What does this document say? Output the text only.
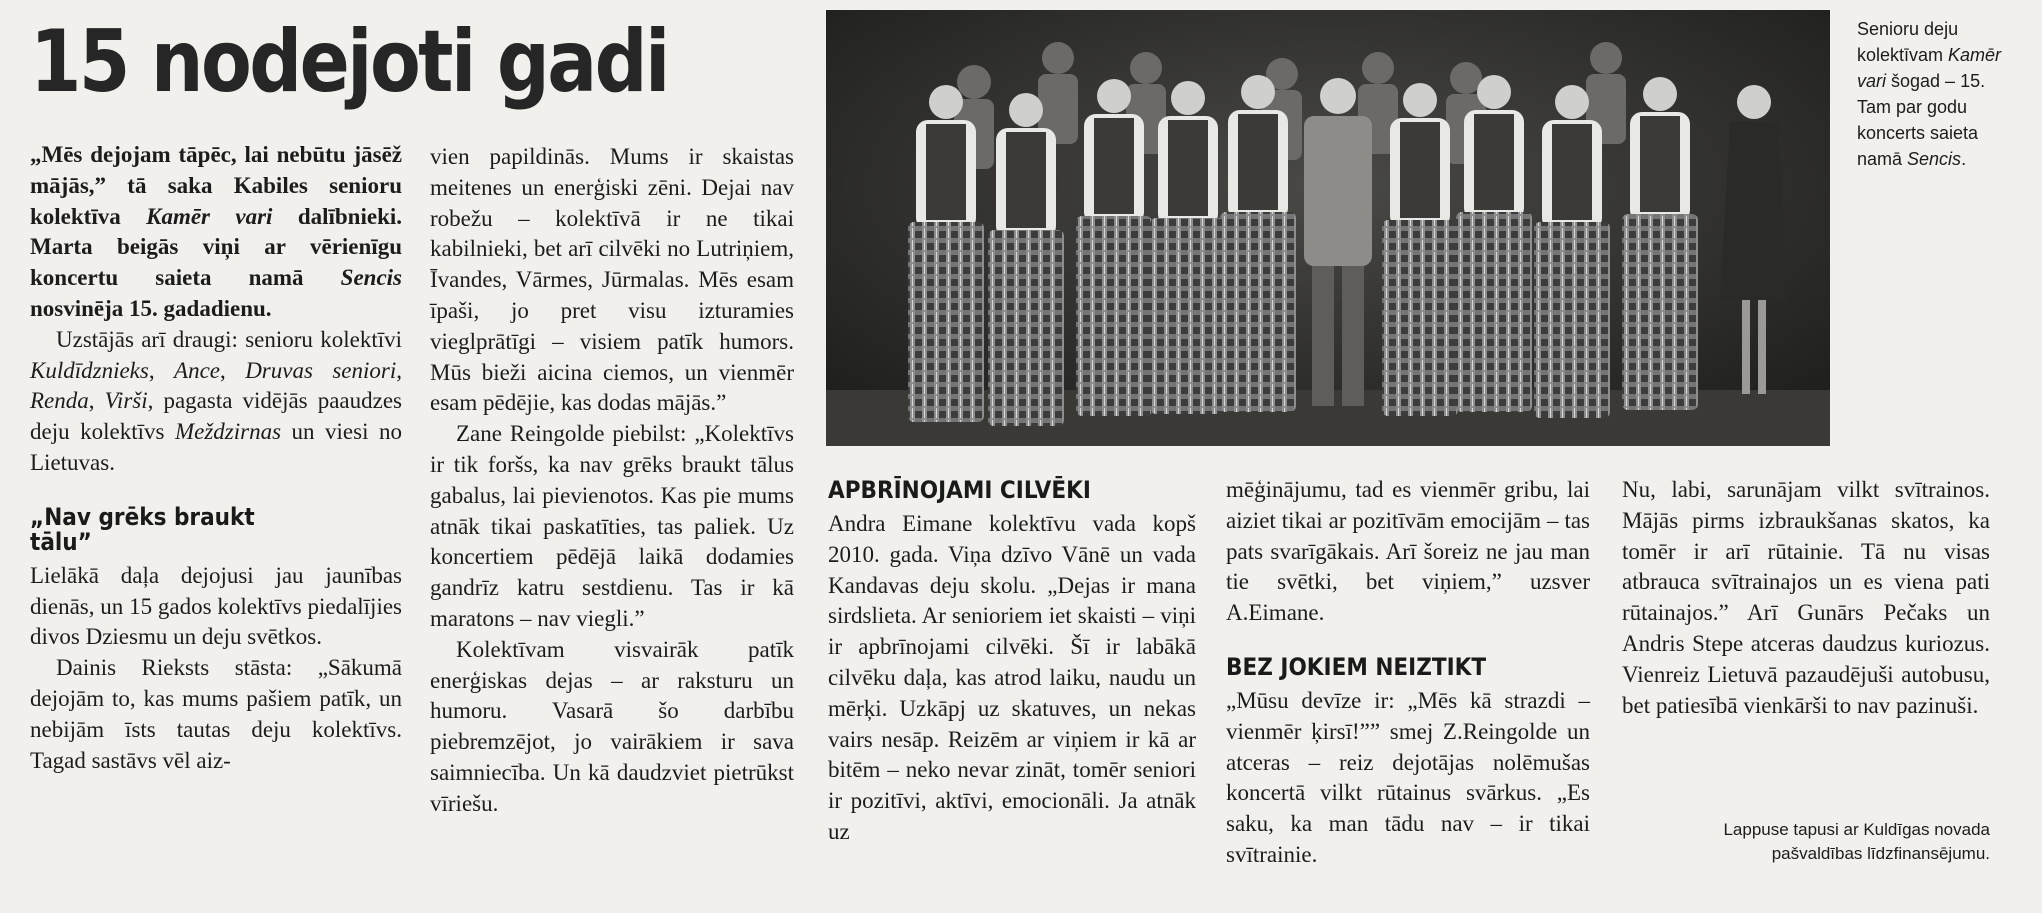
15 nodejoti gadi

„Mēs dejojam tāpēc, lai nebūtu jāsēž mājās,” tā saka Kabiles senioru kolektīva Kamēr vari dalībnieki. Marta beigās viņi ar vērienīgu koncertu saieta namā Sencis nosvinēja 15. gadadienu.

Uzstājās arī draugi: senioru kolektīvi Kuldīdznieks, Ance, Druvas seniori, Renda, Virši, pagasta vidējās paaudzes deju kolektīvs Meždzirnas un viesi no Lietuvas.

„Nav grēks braukt
tālu”

Lielākā daļa dejojusi jau jaunības dienās, un 15 gados kolektīvs piedalījies divos Dziesmu un deju svētkos.

Dainis Rieksts stāsta: „Sākumā dejojām to, kas mums pašiem patīk, un nebijām īsts tautas deju kolektīvs. Tagad sastāvs vēl aiz-

vien papildinās. Mums ir skaistas meitenes un enerģiski zēni. Dejai nav robežu – kolektīvā ir ne tikai kabilnieki, bet arī cilvēki no Lutriņiem, Īvandes, Vārmes, Jūrmalas. Mēs esam īpaši, jo pret visu izturamies vieglprātīgi – visiem patīk humors. Mūs bieži aicina ciemos, un vienmēr esam pēdējie, kas dodas mājās.”

Zane Reingolde piebilst: „Kolektīvs ir tik foršs, ka nav grēks braukt tālus gabalus, lai pievienotos. Kas pie mums atnāk tikai paskatīties, tas paliek. Uz koncertiem pēdējā laikā dodamies gandrīz katru sestdienu. Tas ir kā maratons – nav viegli.”

Kolektīvam visvairāk patīk enerģiskas dejas – ar raksturu un humoru. Vasarā šo darbību piebremzējot, jo vairākiem ir sava saimniecība. Un kā daudzviet pietrūkst vīriešu.

Senioru deju kolektīvam Kamēr vari šogad – 15. Tam par godu koncerts saieta namā Sencis.
APBRĪNOJAMI CILVĒKI

Andra Eimane kolektīvu vada kopš 2010. gada. Viņa dzīvo Vānē un vada Kandavas deju skolu. „Dejas ir mana sirdslieta. Ar senioriem iet skaisti – viņi ir apbrīnojami cilvēki. Šī ir labākā cilvēku daļa, kas atrod laiku, naudu un mērķi. Uzkāpj uz skatuves, un nekas vairs nesāp. Reizēm ar viņiem ir kā ar bitēm – neko nevar zināt, tomēr seniori ir pozitīvi, aktīvi, emocionāli. Ja atnāk uz

mēģinājumu, tad es vienmēr gribu, lai aiziet tikai ar pozitīvām emocijām – tas pats svarīgākais. Arī šoreiz ne jau man tie svētki, bet viņiem,” uzsver A.Eimane.

BEZ JOKIEM NEIZTIKT

„Mūsu devīze ir: „Mēs kā strazdi – vienmēr ķirsī!”” smej Z.Reingolde un atceras – reiz dejotājas nolēmušas koncertā vilkt rūtainus svārkus. „Es saku, ka man tādu nav – ir tikai svītrainie.

Nu, labi, sarunājam vilkt svītrainos. Mājās pirms izbraukšanas skatos, ka tomēr ir arī rūtainie. Tā nu visas atbrauca svītrainajos un es viena pati rūtainajos.” Arī Gunārs Pečaks un Andris Stepe atceras daudzus kuriozus. Vienreiz Lietuvā pazaudējuši autobusu, bet patiesībā vienkārši to nav pazinuši.

Lappuse tapusi ar Kuldīgas novada
pašvaldības līdzfinansējumu.
